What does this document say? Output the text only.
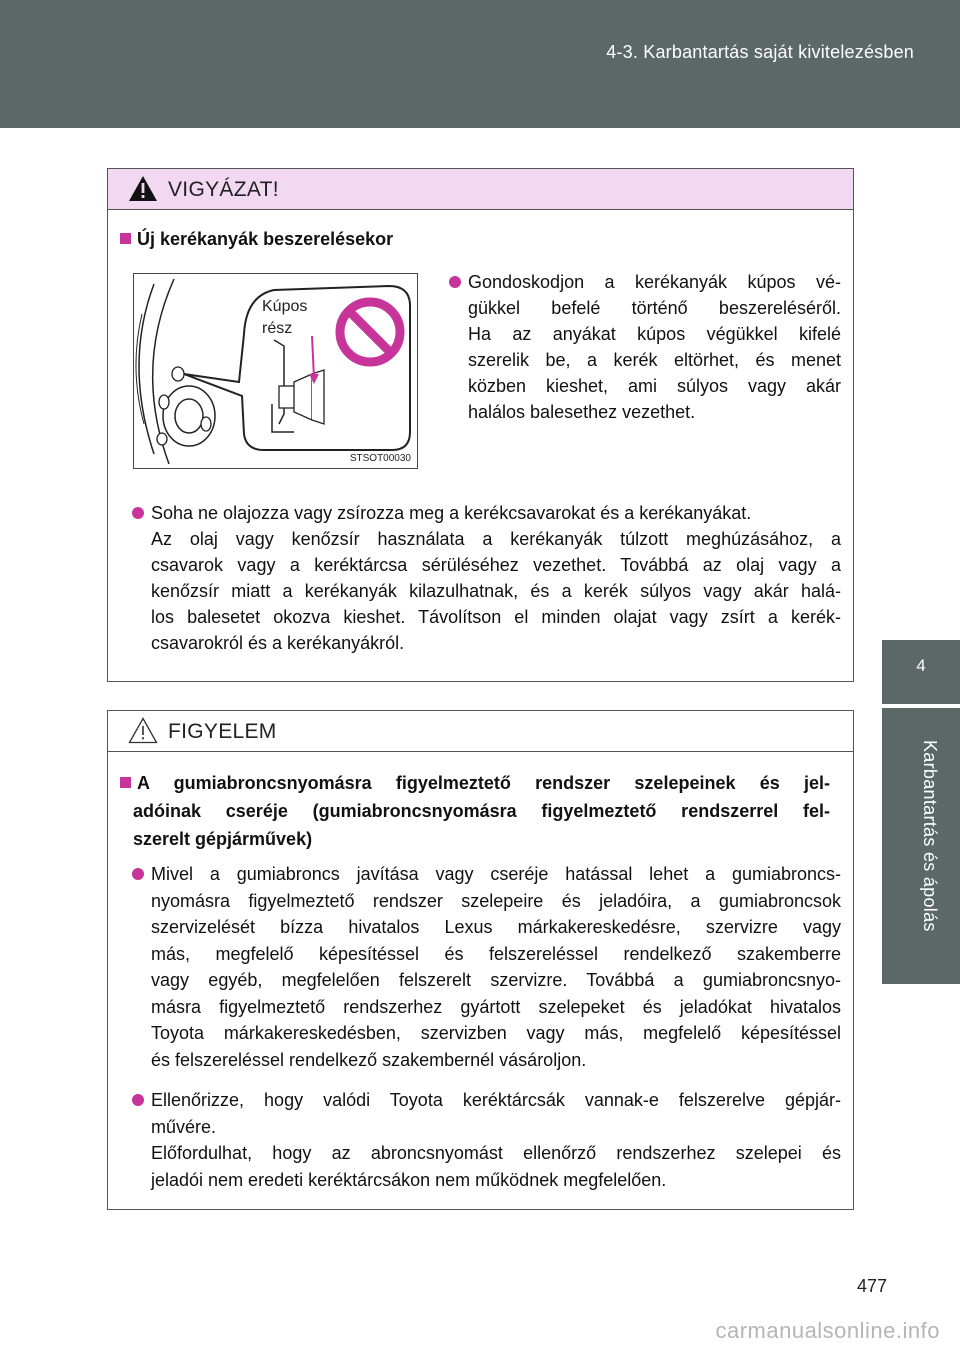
4-3. Karbantartás saját kivitelezésben
4
Karbantartás és ápolás
VIGYÁZAT!
Új kerékanyák beszerelésekor
Kúpos
rész
STSOT00030
Gondoskodjon a kerékanyák kúpos vé-
gükkel befelé történő beszereléséről.
Ha az anyákat kúpos végükkel kifelé
szerelik be, a kerék eltörhet, és menet
közben kieshet, ami súlyos vagy akár
halálos balesethez vezethet.
Soha ne olajozza vagy zsírozza meg a kerékcsavarokat és a kerékanyákat.
Az olaj vagy kenőzsír használata a kerékanyák túlzott meghúzásához, a
csavarok vagy a keréktárcsa sérüléséhez vezethet. Továbbá az olaj vagy a
kenőzsír miatt a kerékanyák kilazulhatnak, és a kerék súlyos vagy akár halá-
los balesetet okozva kieshet. Távolítson el minden olajat vagy zsírt a kerék-
csavarokról és a kerékanyákról.
FIGYELEM
A gumiabroncsnyomásra figyelmeztető rendszer szelepeinek és jel-
adóinak cseréje (gumiabroncsnyomásra figyelmeztető rendszerrel fel-
szerelt gépjárművek)
Mivel a gumiabroncs javítása vagy cseréje hatással lehet a gumiabroncs-
nyomásra figyelmeztető rendszer szelepeire és jeladóira, a gumiabroncsok
szervizelését bízza hivatalos Lexus márkakereskedésre, szervizre vagy
más, megfelelő képesítéssel és felszereléssel rendelkező szakemberre
vagy egyéb, megfelelően felszerelt szervizre. Továbbá a gumiabroncsnyo-
másra figyelmeztető rendszerhez gyártott szelepeket és jeladókat hivatalos
Toyota márkakereskedésben, szervizben vagy más, megfelelő képesítéssel
és felszereléssel rendelkező szakembernél vásároljon.
Ellenőrizze, hogy valódi Toyota keréktárcsák vannak-e felszerelve gépjár-
művére.
Előfordulhat, hogy az abroncsnyomást ellenőrző rendszerhez szelepei és
jeladói nem eredeti keréktárcsákon nem működnek megfelelően.
477
carmanualsonline.info
